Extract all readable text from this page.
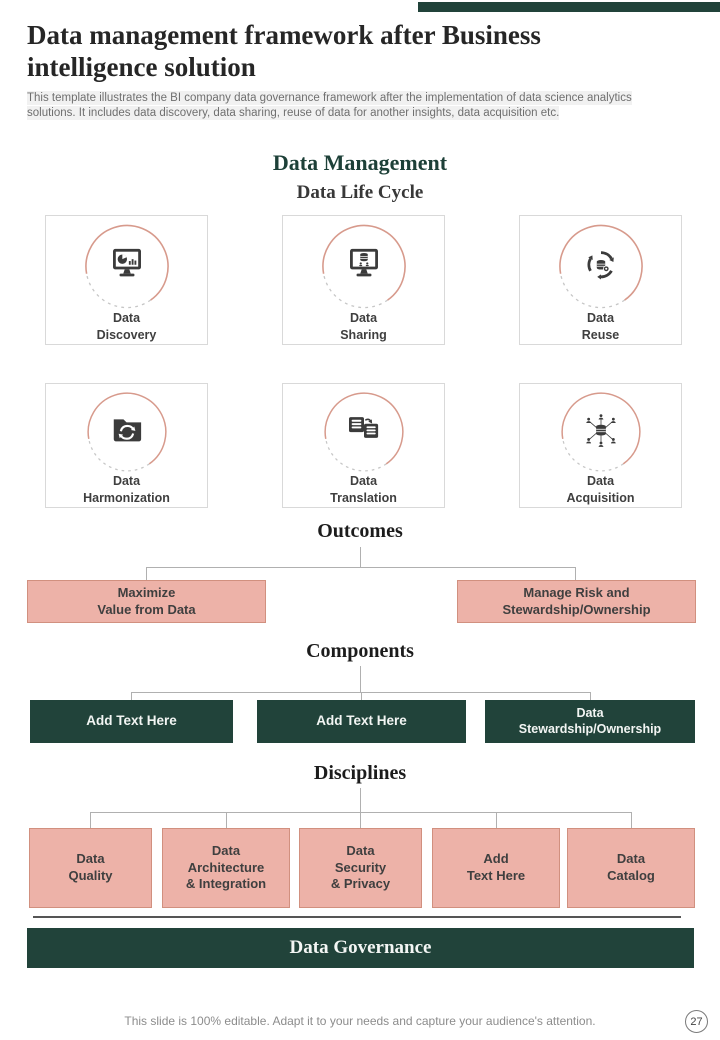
Data management framework after Business intelligence solution
This template illustrates the BI company data governance framework after the implementation of data science analytics solutions. It includes data discovery, data sharing, reuse of data for another insights, data acquisition etc.
Data Management
Data Life Cycle
Data
Discovery
Data
Sharing
Data
Reuse
Data
Harmonization
Data
Translation
Data
Acquisition
Outcomes
Maximize
Value from Data
Manage Risk and
Stewardship/Ownership
Components
Add Text Here	Add Text Here
Data
Stewardship/Ownership
Disciplines
Data
Quality
Data
Architecture
& Integration
Data
Security
& Privacy
Add
Text Here
Data
Catalog
Data Governance
This slide is 100% editable. Adapt it to your needs and capture your audience's attention.	27
